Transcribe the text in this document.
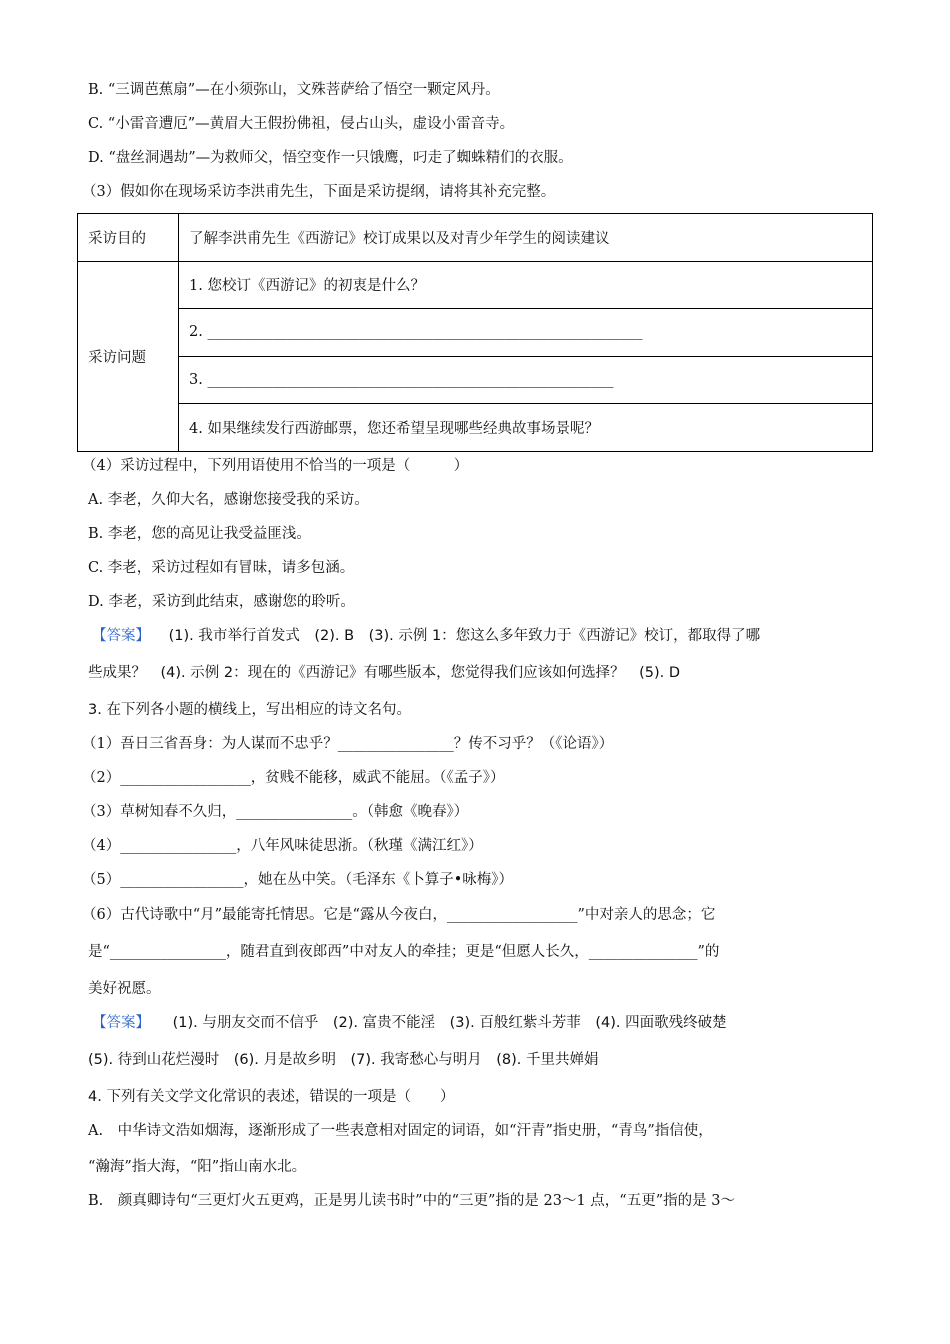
B. “三调芭蕉扇”—在小须弥山，文殊菩萨给了悟空一颗定风丹。
C. “小雷音遭厄”—黄眉大王假扮佛祖，侵占山头，虚设小雷音寺。
D. “盘丝洞遇劫”—为救师父，悟空变作一只饿鹰，叼走了蜘蛛精们的衣服。
（3）假如你在现场采访李洪甫先生，下面是采访提纲，请将其补充完整。
采访目的	了解李洪甫先生《西游记》校订成果以及对青少年学生的阅读建议
采访问题	1. 您校订《西游记》的初衷是什么？
	2. ____________________________________________________________
	3. ________________________________________________________
	4. 如果继续发行西游邮票，您还希望呈现哪些经典故事场景呢？
（4）采访过程中，下列用语使用不恰当的一项是（　　　）
A. 李老，久仰大名，感谢您接受我的采访。
B. 李老，您的高见让我受益匪浅。
C. 李老，采访过程如有冒昧，请多包涵。
D. 李老，采访到此结束，感谢您的聆听。
【答案】 (1). 我市举行首发式　(2). B　(3). 示例 1：您这么多年致力于《西游记》校订，都取得了哪
些成果？　(4). 示例 2：现在的《西游记》有哪些版本，您觉得我们应该如何选择？　(5). D
3. 在下列各小题的横线上，写出相应的诗文名句。
（1）吾日三省吾身：为人谋而不忠乎？________________？传不习乎？（《论语》）
（2）__________________，贫贱不能移，威武不能屈。（《孟子》）
（3）草树知春不久归，________________。（韩愈《晚春》）
（4）________________，八年风味徒思浙。（秋瑾《满江红》）
（5）_________________，她在丛中笑。（毛泽东《卜算子•咏梅》）
（6）古代诗歌中“月”最能寄托情思。它是“露从今夜白，__________________”中对亲人的思念；它
是“________________，随君直到夜郎西”中对友人的牵挂；更是“但愿人长久，_______________”的
美好祝愿。
【答案】 (1). 与朋友交而不信乎　(2). 富贵不能淫　(3). 百般红紫斗芳菲　(4). 四面歌残终破楚
(5). 待到山花烂漫时　(6). 月是故乡明　(7). 我寄愁心与明月　(8). 千里共婵娟
4. 下列有关文学文化常识的表述，错误的一项是（　　）
A.　中华诗文浩如烟海，逐渐形成了一些表意相对固定的词语，如“汗青”指史册，“青鸟”指信使，
“瀚海”指大海，“阳”指山南水北。
B.　颜真卿诗句“三更灯火五更鸡，正是男儿读书时”中的“三更”指的是 23～1 点，“五更”指的是 3～
